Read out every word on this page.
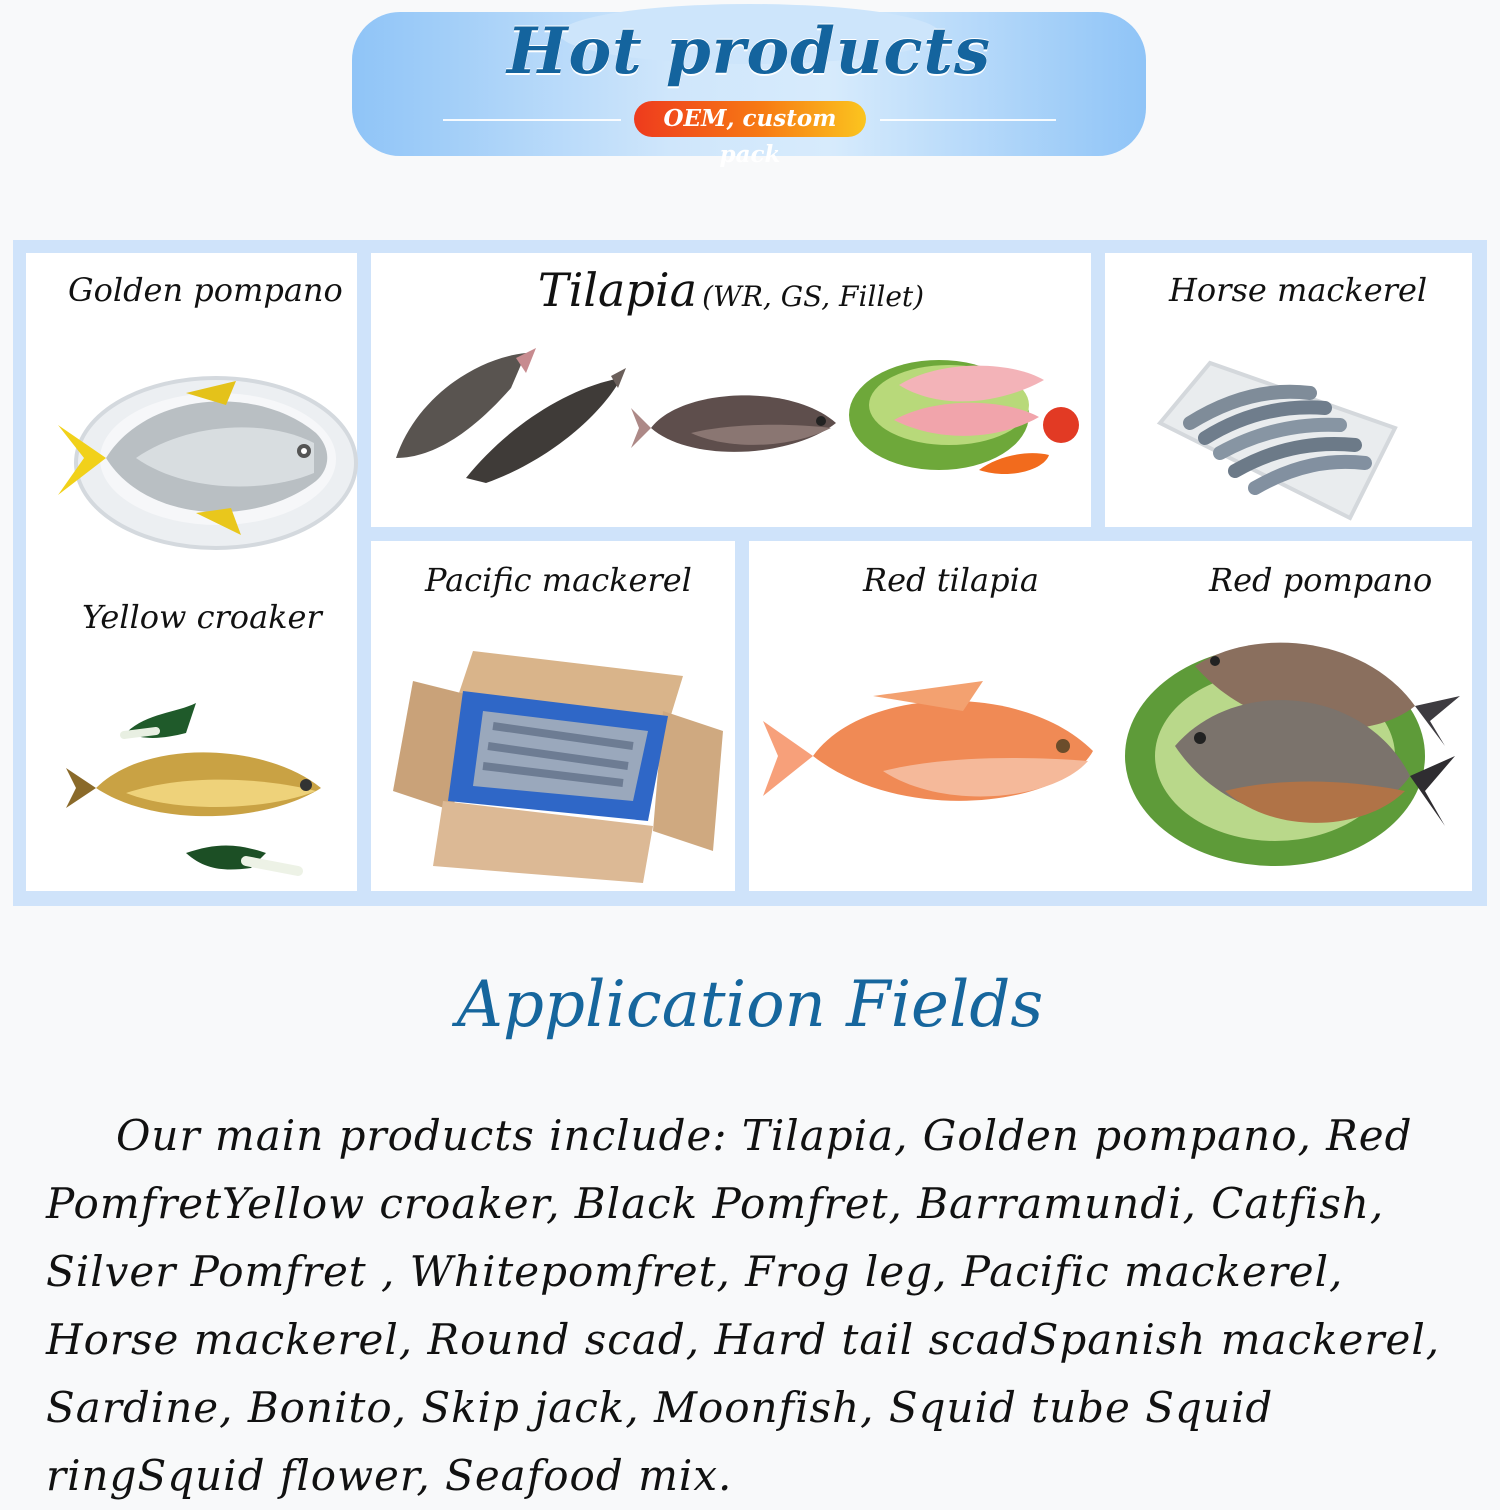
Hot products
OEM, custom pack
Golden pompano
Yellow croaker
Tilapia (WR, GS, Fillet)	Horse mackerel
Pacific mackerel	Red tilapia	Red pompano
Application Fields
Our main products include: Tilapia, Golden pompano, Red PomfretYellow croaker, Black Pomfret, Barramundi, Catfish, Silver Pomfret , Whitepomfret, Frog leg, Pacific mackerel, Horse mackerel, Round scad, Hard tail scadSpanish mackerel, Sardine, Bonito, Skip jack, Moonfish, Squid tube Squid ringSquid flower, Seafood mix.
